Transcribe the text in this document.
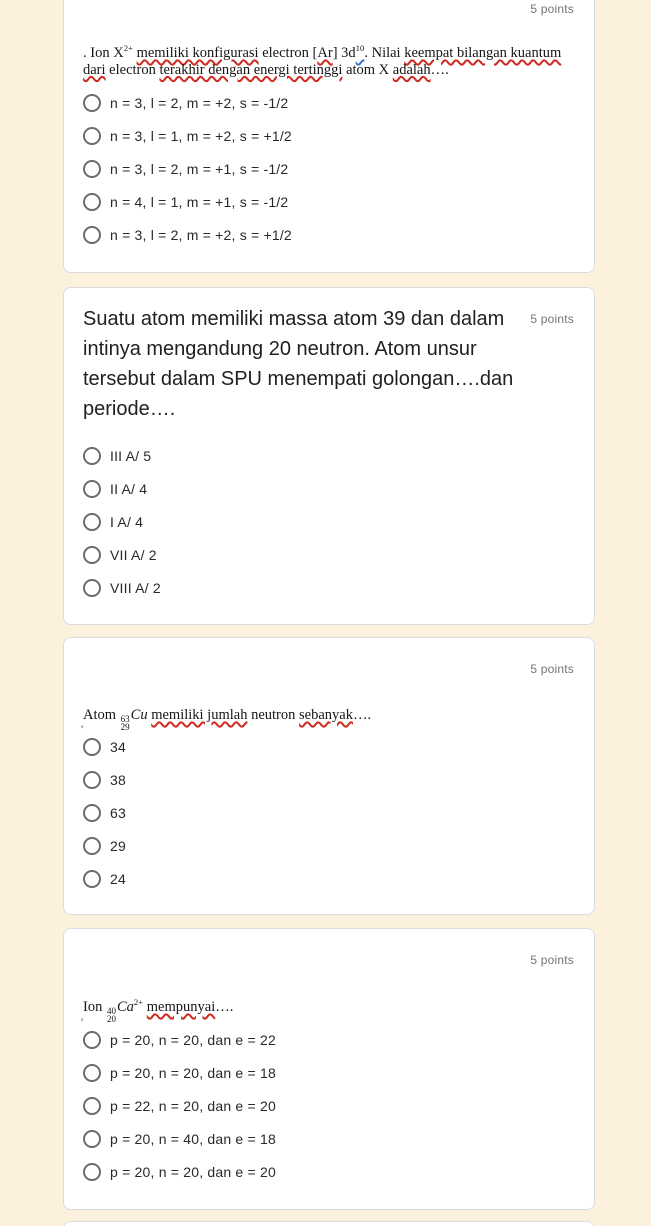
5 points
. Ion $X^{2+}$ memiliki konfigurasi electron [Ar] $3d^{10}$. Nilai keempat bilangan kuantum
dari electron terakhir dengan energi tertinggi atom X adalah….
n = 3, l = 2, m = +2, s = -1/2
n = 3, l = 1, m = +2, s = +1/2
n = 3, l = 2, m = +1, s = -1/2
n = 4, l = 1, m = +1, s = -1/2
n = 3, l = 2, m = +2, s = +1/2
5 points
Suatu atom memiliki massa atom 39 dan dalam intinya mengandung 20 neutron. Atom unsur tersebut dalam SPU menempati golongan….dan periode….
III A/ 5
II A/ 4
I A/ 4
VII A/ 2
VIII A/ 2
5 points
Atom 63
29
Cu memiliki jumlah neutron sebanyak….
'
34
38
63
29
24
5 points
Ion 40
20
$Ca^{2+}$ mempunyai….
'
p = 20, n = 20, dan e = 22
p = 20, n = 20, dan e = 18
p = 22, n = 20, dan e = 20
p = 20, n = 40, dan e = 18
p = 20, n = 20, dan e = 20
